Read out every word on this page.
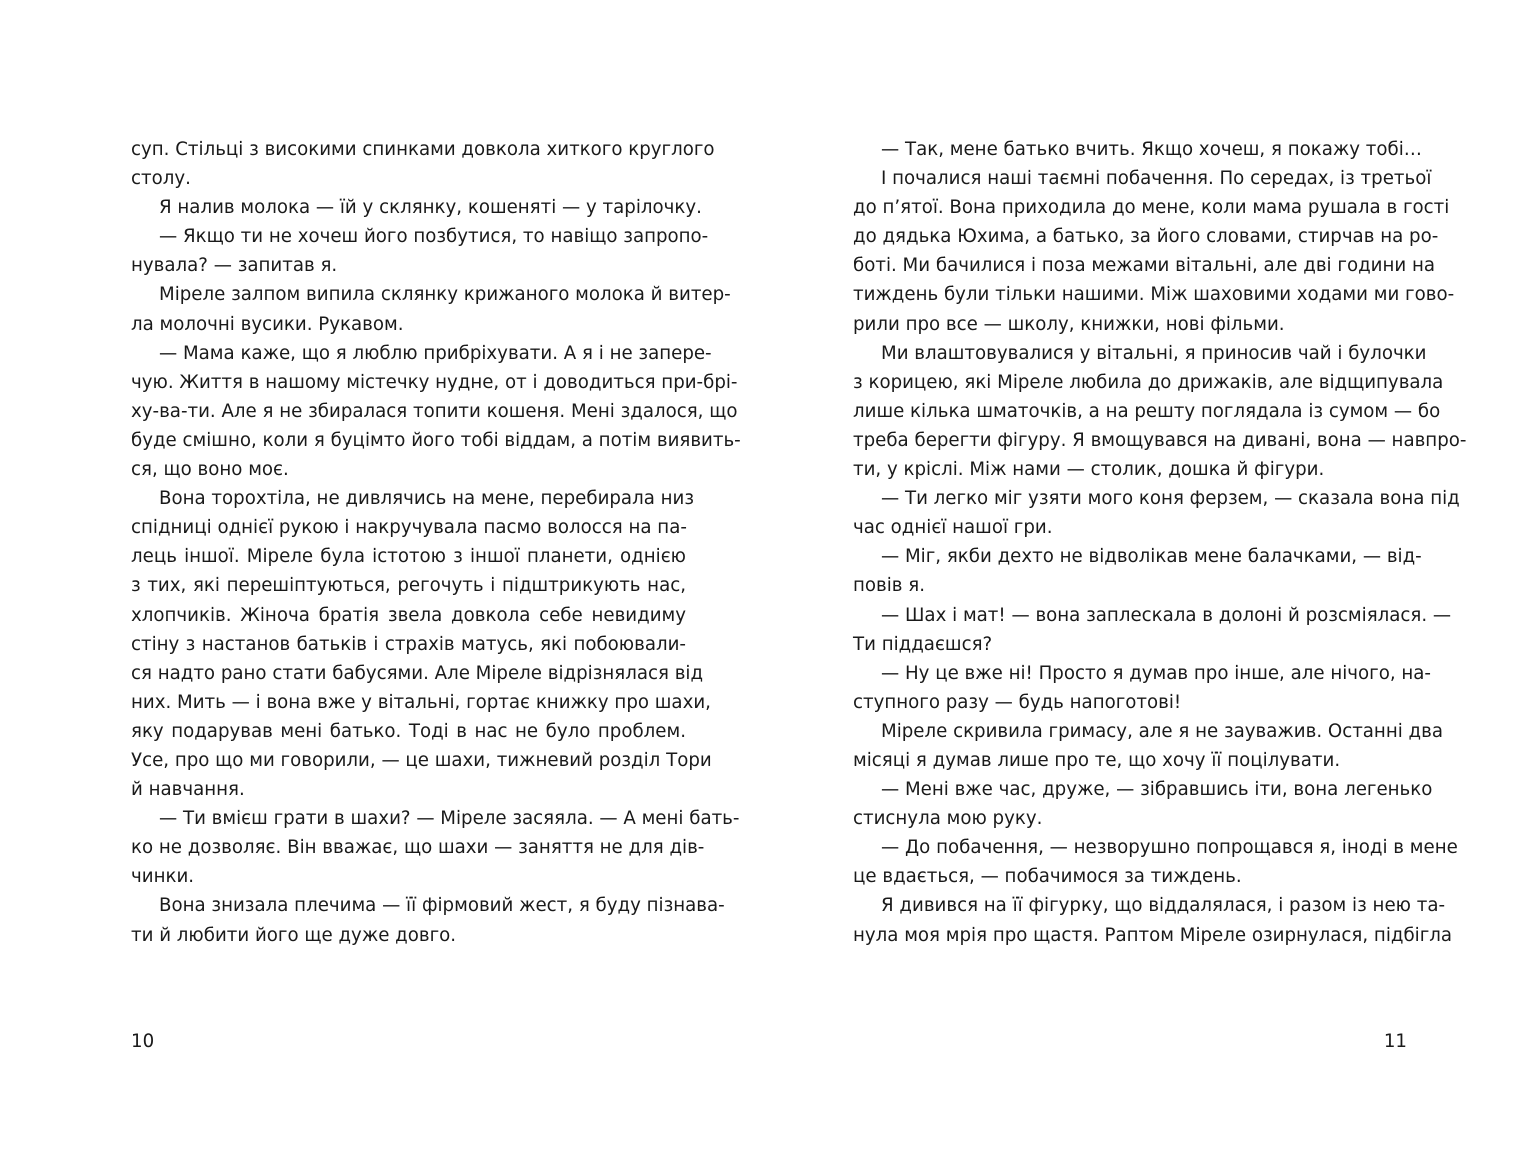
суп. Стільці з високими спинками довкола хиткого круглого
столу.
Я налив молока — їй у склянку, кошеняті — у тарілочку.
— Якщо ти не хочеш його позбутися, то навіщо запропо-
нувала? — запитав я.
Міреле залпом випила склянку крижаного молока й витер-
ла молочні вусики. Рукавом.
— Мама каже, що я люблю прибріхувати. А я і не запере-
чую. Життя в нашому містечку нудне, от і доводиться при-брі-
ху-ва-ти. Але я не збиралася топити кошеня. Мені здалося, що
буде смішно, коли я буцімто його тобі віддам, а потім виявить-
ся, що воно моє.
Вона торохтіла, не дивлячись на мене, перебирала низ
спідниці однієї рукою і накручувала пасмо волосся на па-
лець іншої. Міреле була істотою з іншої планети, однією
з тих, які перешіптуються, регочуть і підштрикують нас,
хлопчиків. Жіноча братія звела довкола себе невидиму
стіну з настанов батьків і страхів матусь, які побоювали-
ся надто рано стати бабусями. Але Міреле відрізнялася від
них. Мить — і вона вже у вітальні, гортає книжку про шахи,
яку подарував мені батько. Тоді в нас не було проблем.
Усе, про що ми говорили, — це шахи, тижневий розділ Тори
й навчання.
— Ти вмієш грати в шахи? — Міреле засяяла. — А мені бать-
ко не дозволяє. Він вважає, що шахи — заняття не для дів-
чинки.
Вона знизала плечима — її фірмовий жест, я буду пізнава-
ти й любити його ще дуже довго.
10
— Так, мене батько вчить. Якщо хочеш, я покажу тобі…
І почалися наші таємні побачення. По середах, із третьої
до п’ятої. Вона приходила до мене, коли мама рушала в гості
до дядька Юхима, а батько, за його словами, стирчав на ро-
боті. Ми бачилися і поза межами вітальні, але дві години на
тиждень були тільки нашими. Між шаховими ходами ми гово-
рили про все — школу, книжки, нові фільми.
Ми влаштовувалися у вітальні, я приносив чай і булочки
з корицею, які Міреле любила до дрижаків, але відщипувала
лише кілька шматочків, а на решту поглядала із сумом — бо
треба берегти фігуру. Я вмощувався на дивані, вона — навпро-
ти, у кріслі. Між нами — столик, дошка й фігури.
— Ти легко міг узяти мого коня ферзем, — сказала вона під
час однієї нашої гри.
— Міг, якби дехто не відволікав мене балачками, — від-
повів я.
— Шах і мат! — вона заплескала в долоні й розсміялася. —
Ти піддаєшся?
— Ну це вже ні! Просто я думав про інше, але нічого, на-
ступного разу — будь напоготові!
Міреле скривила гримасу, але я не зауважив. Останні два
місяці я думав лише про те, що хочу її поцілувати.
— Мені вже час, друже, — зібравшись іти, вона легенько
стиснула мою руку.
— До побачення, — незворушно попрощався я, іноді в мене
це вдається, — побачимося за тиждень.
Я дивився на її фігурку, що віддалялася, і разом із нею та-
нула моя мрія про щастя. Раптом Міреле озирнулася, підбігла
11
